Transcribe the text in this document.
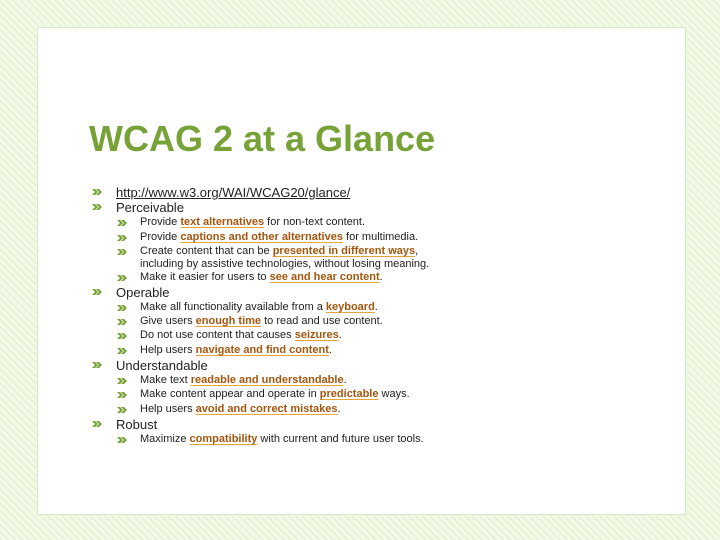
WCAG 2 at a Glance
http://www.w3.org/WAI/WCAG20/glance/
Perceivable
Provide text alternatives for non-text content.
Provide captions and other alternatives for multimedia.
Create content that can be presented in different ways,
including by assistive technologies, without losing meaning.
Make it easier for users to see and hear content.
Operable
Make all functionality available from a keyboard.
Give users enough time to read and use content.
Do not use content that causes seizures.
Help users navigate and find content.
Understandable
Make text readable and understandable.
Make content appear and operate in predictable ways.
Help users avoid and correct mistakes.
Robust
Maximize compatibility with current and future user tools.
